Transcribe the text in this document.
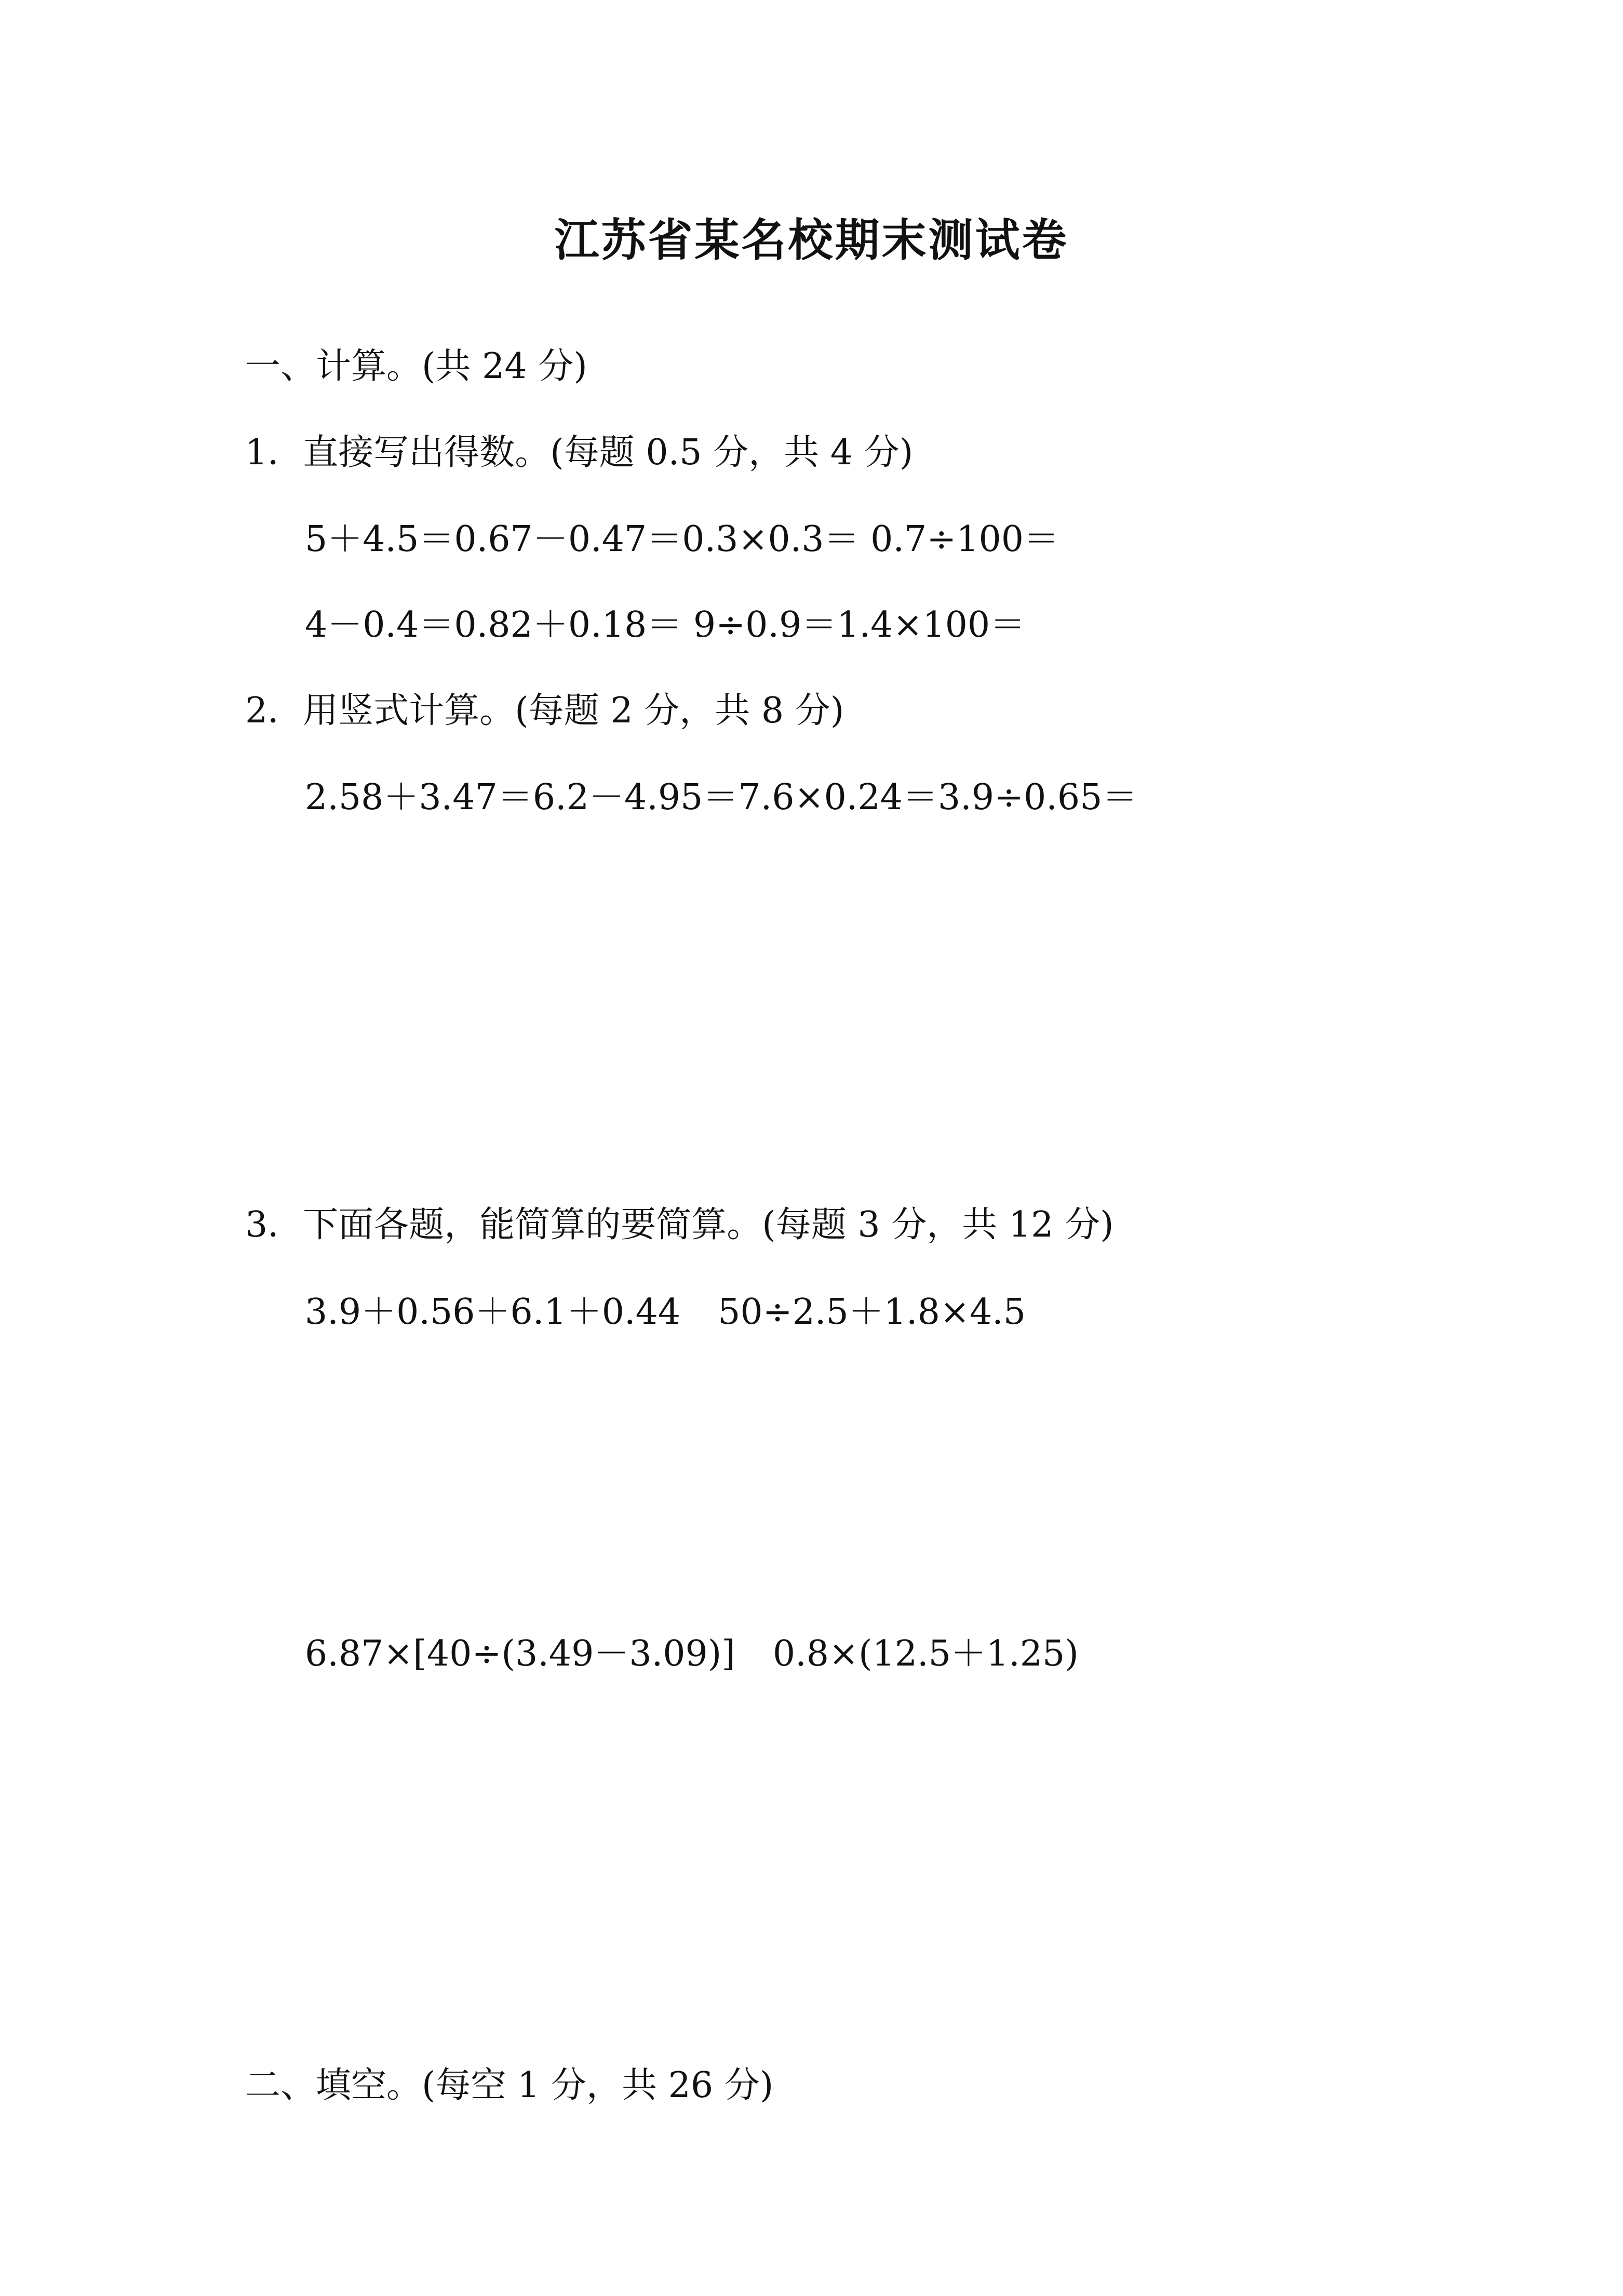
江苏省某名校期末测试卷
一、计算。(共 24 分)
1．直接写出得数。(每题 0.5 分，共 4 分)
5＋4.5＝0.67－0.47＝0.3×0.3＝ 0.7÷100＝
4－0.4＝0.82＋0.18＝ 9÷0.9＝1.4×100＝
2．用竖式计算。(每题 2 分，共 8 分)
2.58＋3.47＝6.2－4.95＝7.6×0.24＝3.9÷0.65＝
3．下面各题，能简算的要简算。(每题 3 分，共 12 分)
3.9＋0.56＋6.1＋0.44 50÷2.5＋1.8×4.5
6.87×[40÷(3.49－3.09)] 0.8×(12.5＋1.25)
二、填空。(每空 1 分，共 26 分)
